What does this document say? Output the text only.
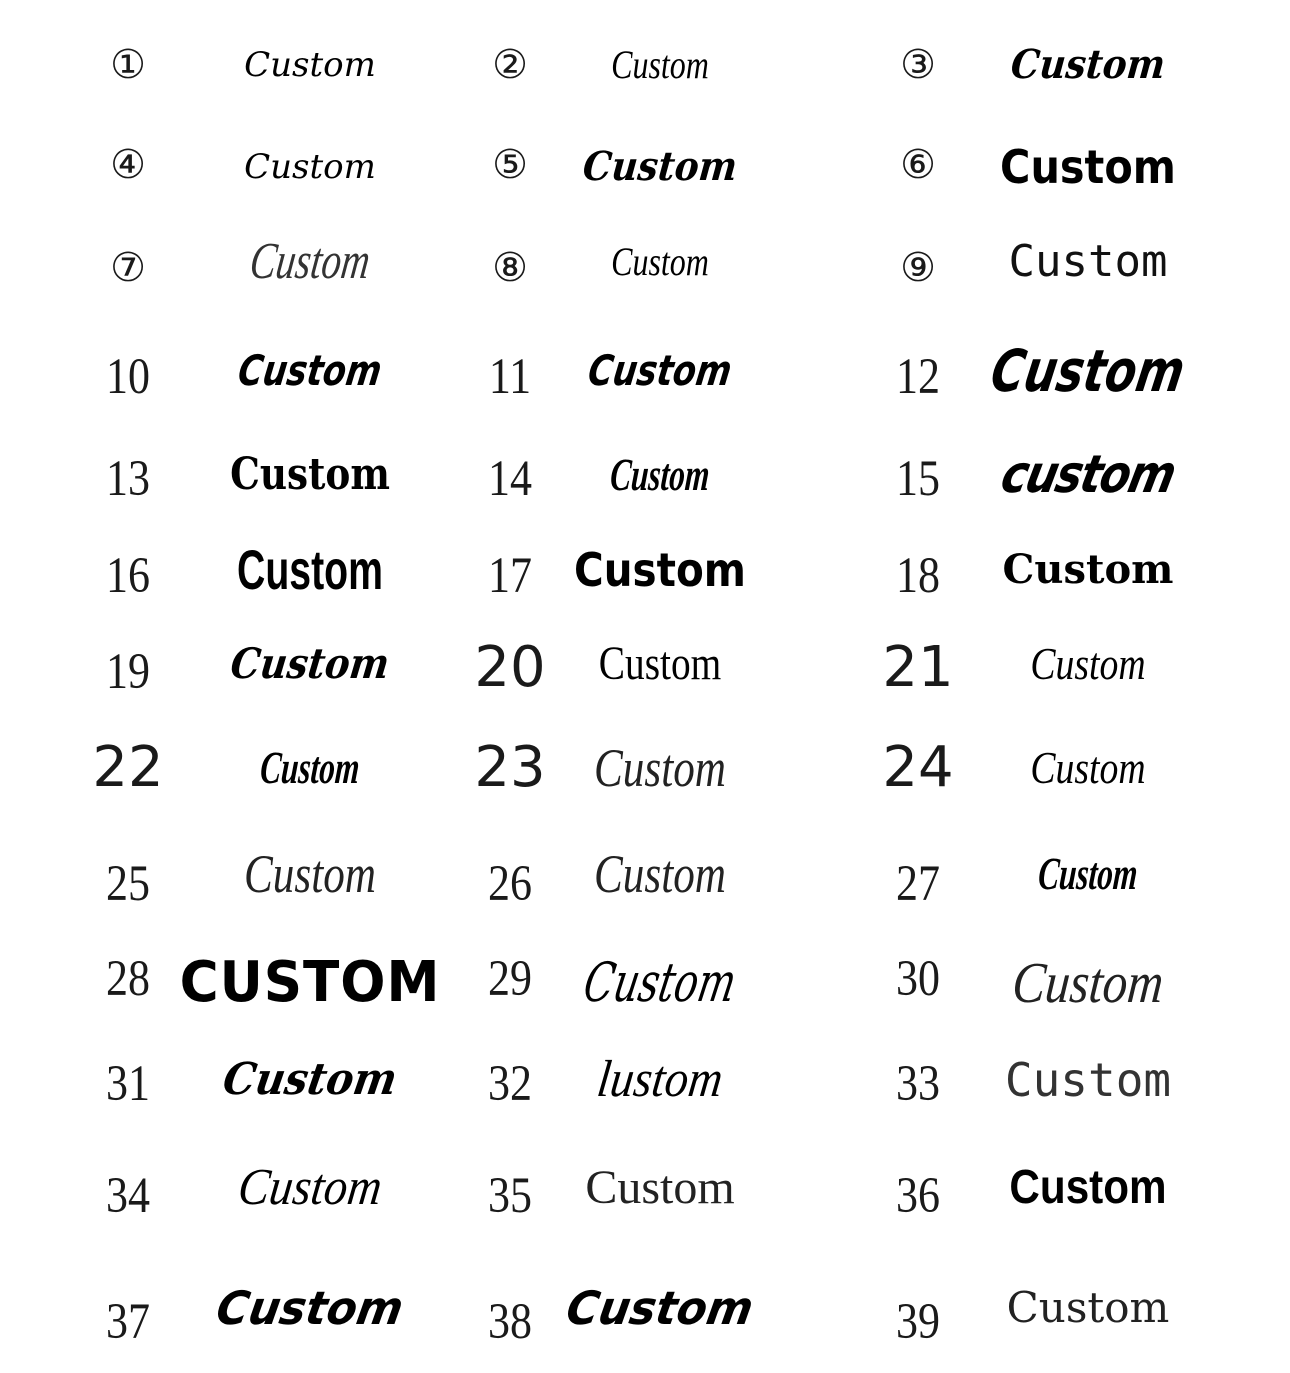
①	Custom	② Custom	③ Custom
④	Custom	⑤ Custom	⑥ Custom
⑦ Custom	⑧ Custom	⑨ Custom
10 Custom 11 Custom	12 Custom
13 Custom 14 Custom	15 custom
16 Custom 17 Custom	18 Custom
19 Custom 20 Custom	21 Custom
22 Custom 23 Custom	24 Custom
25 Custom	26 Custom	27 Custom
28 CUSTOM 29 Custom	30 Custom
31 Custom 32 lustom	33 Custom
34 Custom 35 Custom	36 Custom
37 Custom 38 Custom	39 Custom
